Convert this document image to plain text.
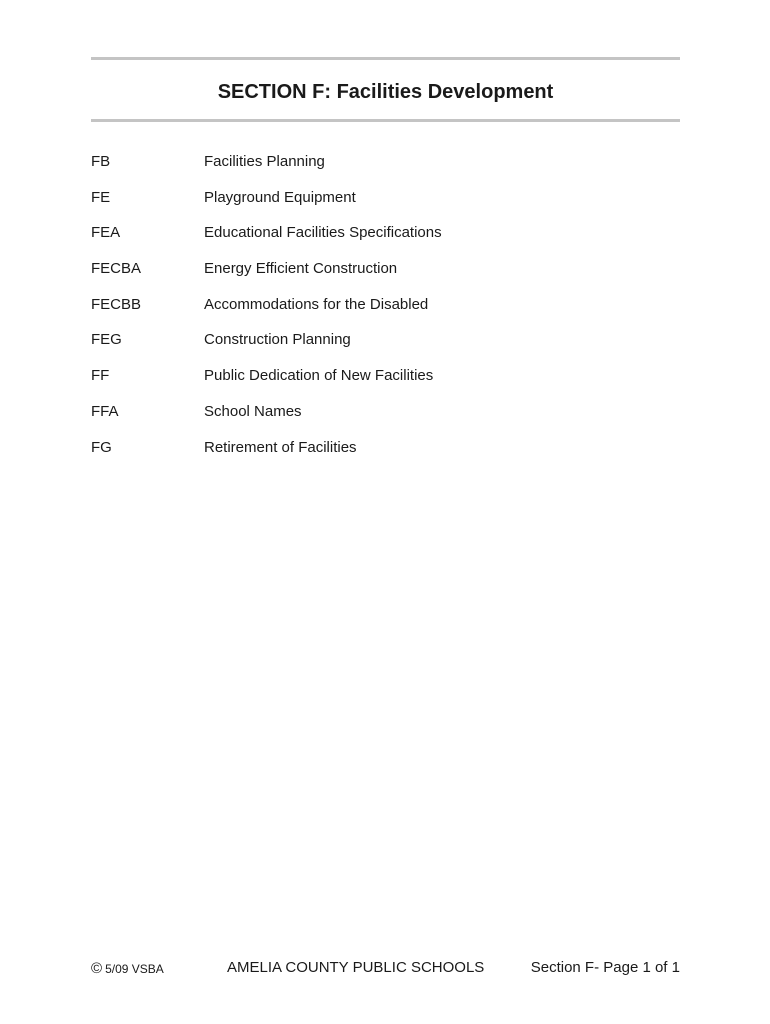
SECTION F: Facilities Development
FB	Facilities Planning
FE	Playground Equipment
FEA	Educational Facilities Specifications
FECBA	Energy Efficient Construction
FECBB	Accommodations for the Disabled
FEG	Construction Planning
FF	Public Dedication of New Facilities
FFA	School Names
FG	Retirement of Facilities
© 5/09 VSBA	AMELIA COUNTY PUBLIC SCHOOLS	Section F- Page 1 of 1
